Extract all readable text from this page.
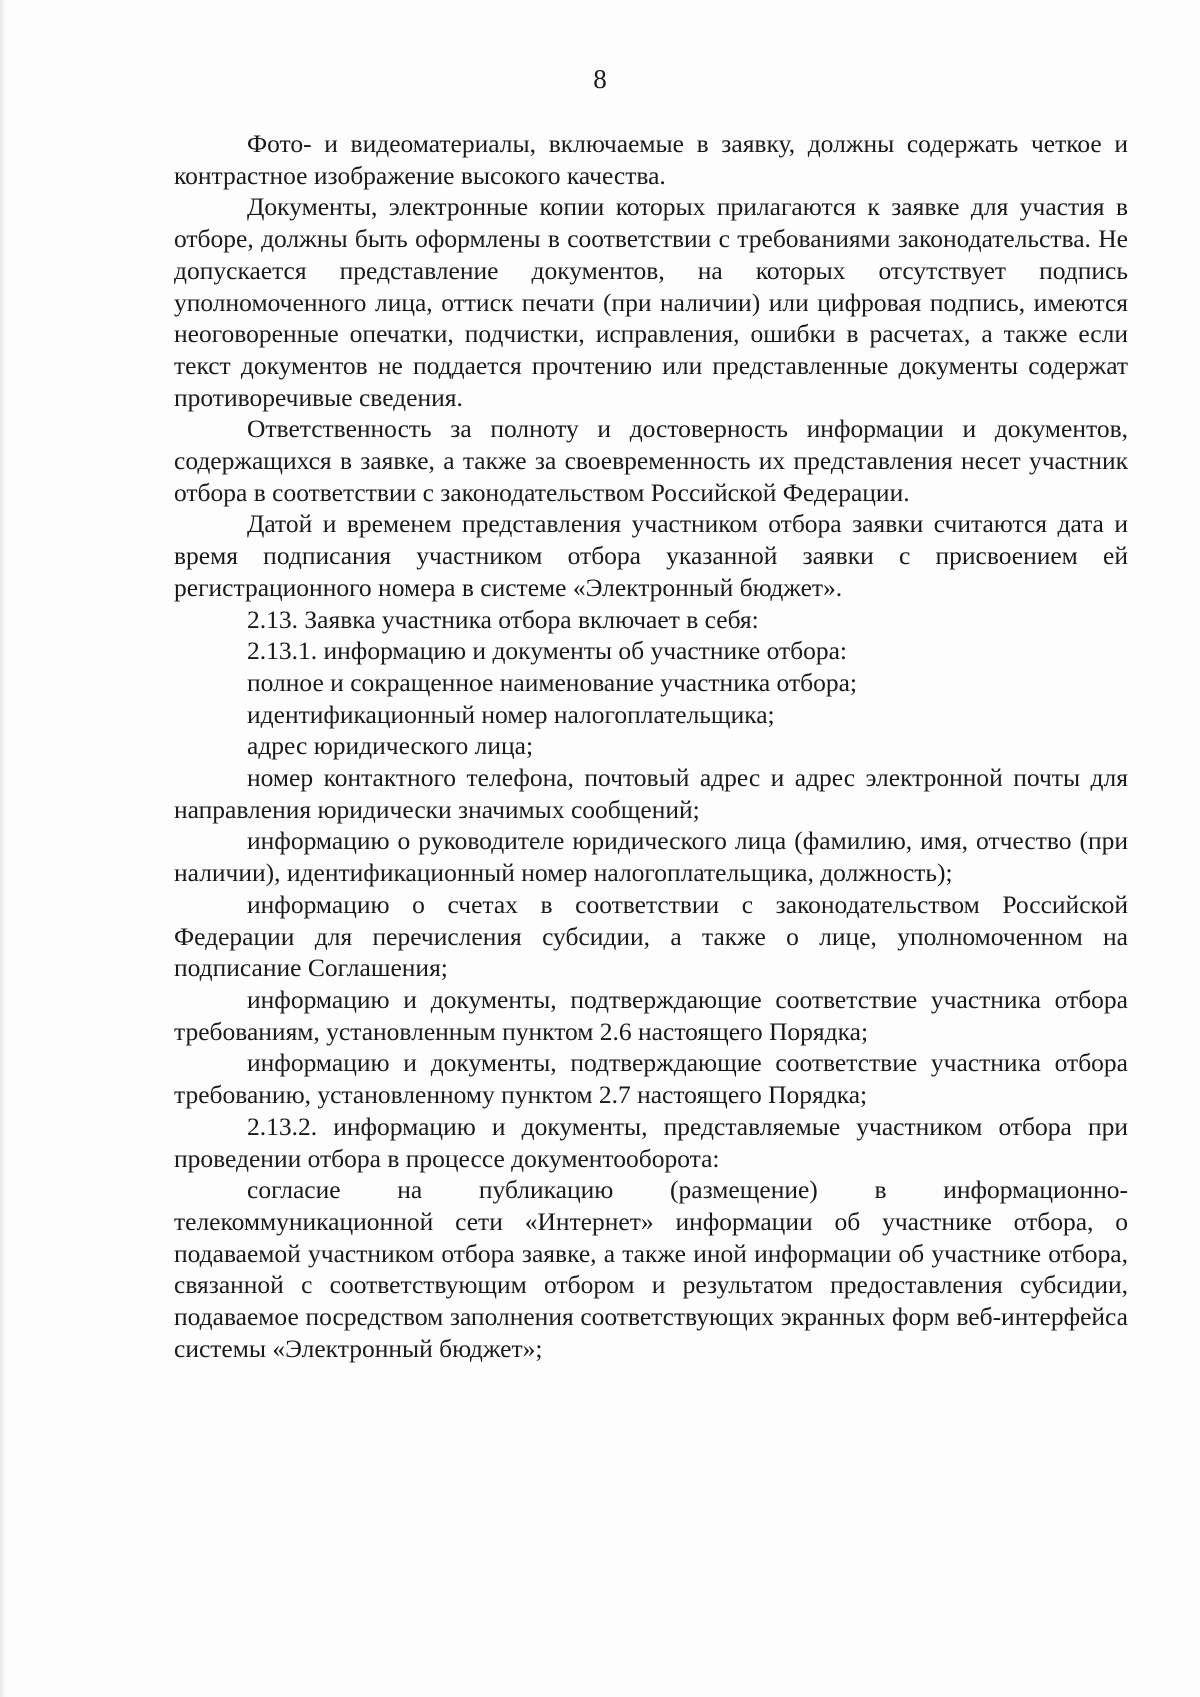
8

Фото- и видеоматериалы, включаемые в заявку, должны содержать четкое и контрастное изображение высокого качества.

Документы, электронные копии которых прилагаются к заявке для участия в отборе, должны быть оформлены в соответствии с требованиями законодательства. Не допускается представление документов, на которых отсутствует подпись уполномоченного лица, оттиск печати (при наличии) или цифровая подпись, имеются неоговоренные опечатки, подчистки, исправления, ошибки в расчетах, а также если текст документов не поддается прочтению или представленные документы содержат противоречивые сведения.

Ответственность за полноту и достоверность информации и документов, содержащихся в заявке, а также за своевременность их представления несет участник отбора в соответствии с законодательством Российской Федерации.

Датой и временем представления участником отбора заявки считаются дата и время подписания участником отбора указанной заявки с присвоением ей регистрационного номера в системе «Электронный бюджет».

2.13. Заявка участника отбора включает в себя:

2.13.1. информацию и документы об участнике отбора:

полное и сокращенное наименование участника отбора;

идентификационный номер налогоплательщика;

адрес юридического лица;

номер контактного телефона, почтовый адрес и адрес электронной почты для направления юридически значимых сообщений;

информацию о руководителе юридического лица (фамилию, имя, отчество (при наличии), идентификационный номер налогоплательщика, должность);

информацию о счетах в соответствии с законодательством Российской Федерации для перечисления субсидии, а также о лице, уполномоченном на подписание Соглашения;

информацию и документы, подтверждающие соответствие участника отбора требованиям, установленным пунктом 2.6 настоящего Порядка;

информацию и документы, подтверждающие соответствие участника отбора требованию, установленному пунктом 2.7 настоящего Порядка;

2.13.2. информацию и документы, представляемые участником отбора при проведении отбора в процессе документооборота:

согласие на публикацию (размещение) в информационно-телекоммуникационной сети «Интернет» информации об участнике отбора, о подаваемой участником отбора заявке, а также иной информации об участнике отбора, связанной с соответствующим отбором и результатом предоставления субсидии, подаваемое посредством заполнения соответствующих экранных форм веб-интерфейса системы «Электронный бюджет»;
